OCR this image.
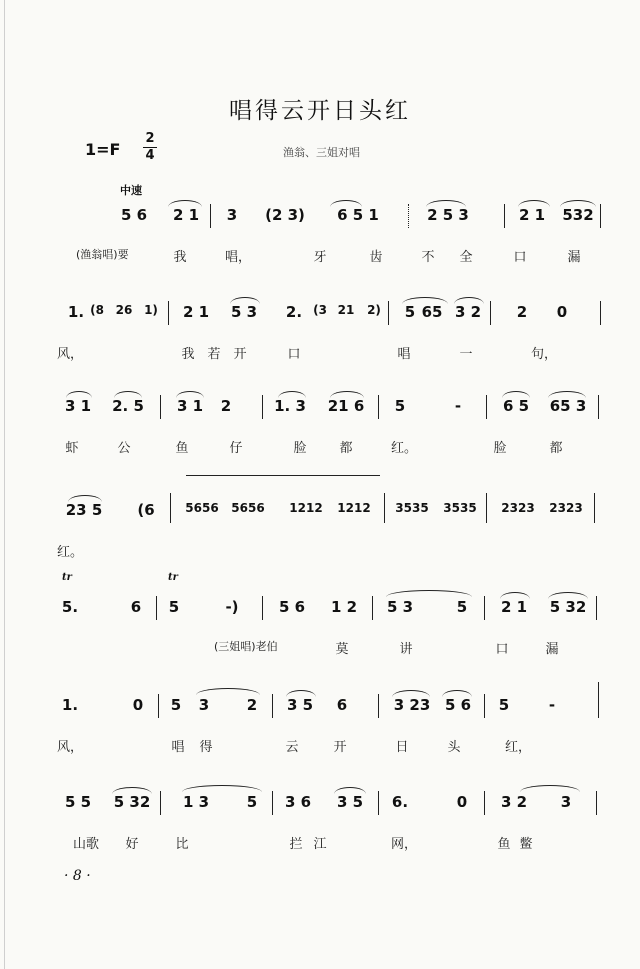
唱得云开日头红
1=F
2
4	渔翁、三姐对唱
中速
5 6 2 1 3 (2 3) 6 5 1	2 5 3	2 1 532
(渔翁唱)要	我	唱，	牙	齿	不 全	口	漏
1. (8 26 1) 2 1 5 3 2. (3 21 2) 5 65 3 2 2 0
风，	我 若 开	口	唱	一	句，
3 1 2. 5 3 1 2	1. 3 21 6 5	-	6 5 65 3
虾	公	鱼	仔	脸	都	红。	脸	都
23 5 (6	5656 5656 1212 1212 3535 3535 2323 2323
红。
tr	tr
5.	6 5	-)	5 6 1 2 5 3	5 2 1 5 32
(三姐唱)老伯	莫	讲	口	漏
1.	0 5 3	2 3 5 6	3 23 5 6 5	-
风，	唱 得	云	开	日	头	红，
5 5 5 32 1 3	5 3 6 3 5 6.	0 3 2 3
山歌 好	比	拦 江	网，	鱼 鳖
· 8 ·
